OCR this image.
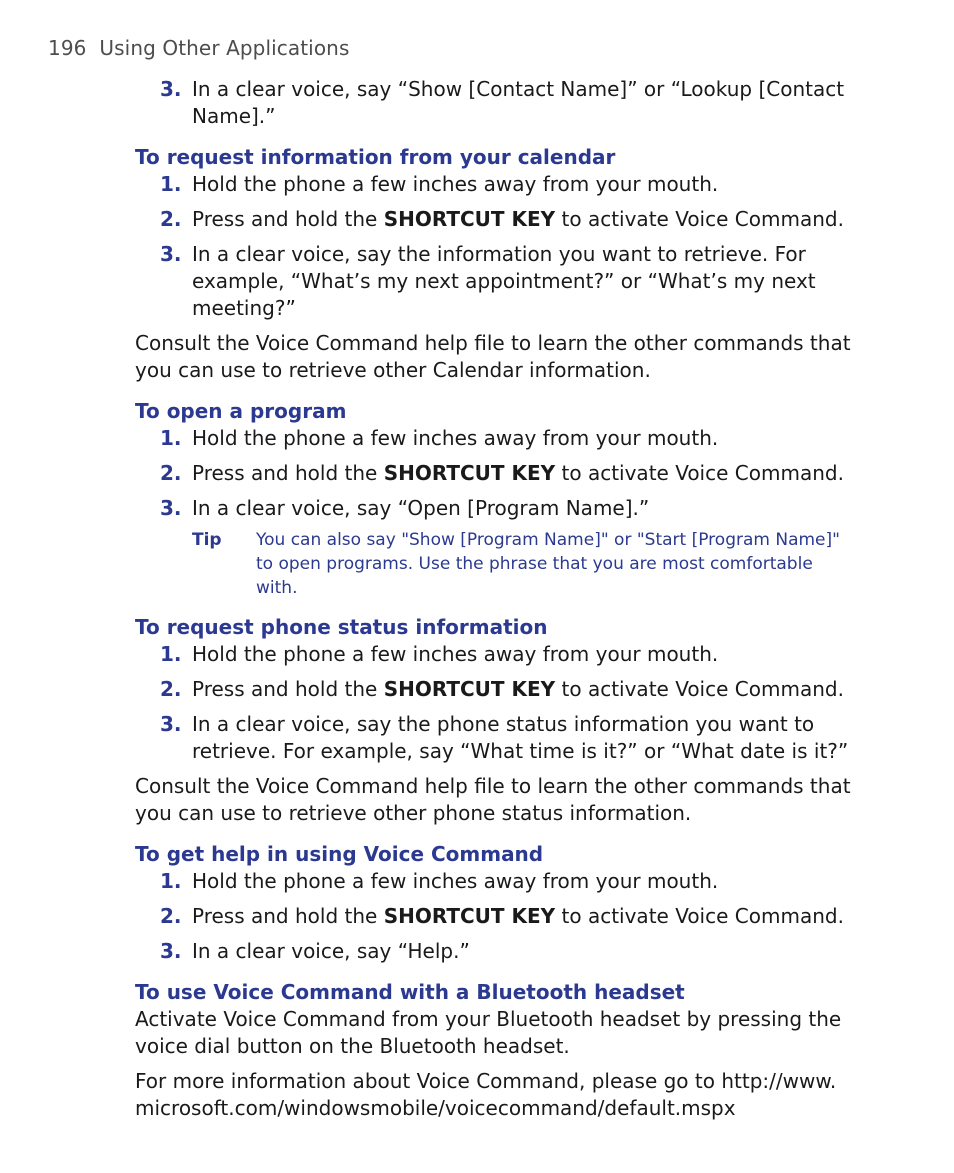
196 Using Other Applications
3. In a clear voice, say “Show [Contact Name]” or “Lookup [Contact Name].”
To request information from your calendar
1. Hold the phone a few inches away from your mouth.
2. Press and hold the SHORTCUT KEY to activate Voice Command.
3. In a clear voice, say the information you want to retrieve. For example, “What’s my next appointment?” or “What’s my next meeting?”
Consult the Voice Command help file to learn the other commands that you can use to retrieve other Calendar information.
To open a program
1. Hold the phone a few inches away from your mouth.
2. Press and hold the SHORTCUT KEY to activate Voice Command.
3. In a clear voice, say “Open [Program Name].”
Tip	You can also say "Show [Program Name]" or "Start [Program Name]" to open programs. Use the phrase that you are most comfortable with.
To request phone status information
1. Hold the phone a few inches away from your mouth.
2. Press and hold the SHORTCUT KEY to activate Voice Command.
3. In a clear voice, say the phone status information you want to retrieve. For example, say “What time is it?” or “What date is it?”
Consult the Voice Command help file to learn the other commands that you can use to retrieve other phone status information.
To get help in using Voice Command
1. Hold the phone a few inches away from your mouth.
2. Press and hold the SHORTCUT KEY to activate Voice Command.
3. In a clear voice, say “Help.”
To use Voice Command with a Bluetooth headset
Activate Voice Command from your Bluetooth headset by pressing the voice dial button on the Bluetooth headset.
For more information about Voice Command, please go to http://www.
microsoft.com/windowsmobile/voicecommand/default.mspx
